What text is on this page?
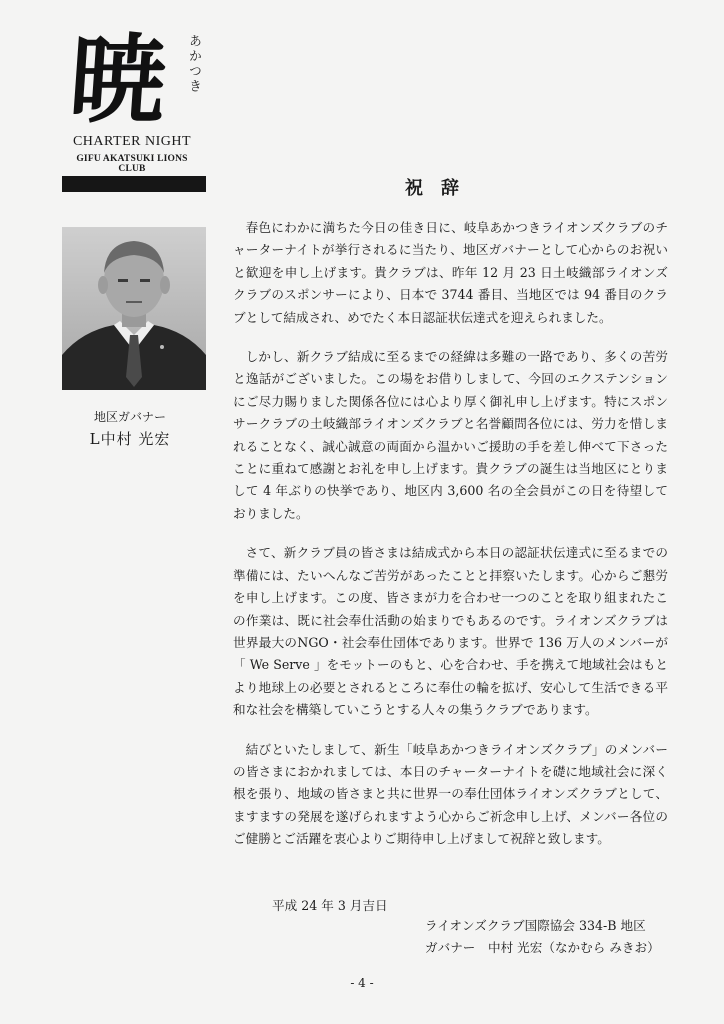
暁 あかつき
CHARTER NIGHT
GIFU AKATSUKI LIONS CLUB
地区ガバナー
L中村 光宏
祝辞

春色にわかに満ちた今日の佳き日に、岐阜あかつきライオンズクラブのチャーターナイトが挙行されるに当たり、地区ガバナーとして心からのお祝いと歓迎を申し上げます。貴クラブは、昨年 12 月 23 日土岐織部ライオンズクラブのスポンサーにより、日本で 3744 番目、当地区では 94 番目のクラブとして結成され、めでたく本日認証状伝達式を迎えられました。

しかし、新クラブ結成に至るまでの経緯は多難の一路であり、多くの苦労と逸話がございました。この場をお借りしまして、今回のエクステンションにご尽力賜りました関係各位には心より厚く御礼申し上げます。特にスポンサークラブの土岐織部ライオンズクラブと名誉顧問各位には、労力を惜しまれることなく、誠心誠意の両面から温かいご援助の手を差し伸べて下さったことに重ねて感謝とお礼を申し上げます。貴クラブの誕生は当地区にとりまして 4 年ぶりの快挙であり、地区内 3,600 名の全会員がこの日を待望しておりました。

さて、新クラブ員の皆さまは結成式から本日の認証状伝達式に至るまでの準備には、たいへんなご苦労があったことと拝察いたします。心からご懇労を申し上げます。この度、皆さまが力を合わせ一つのことを取り組まれたこの作業は、既に社会奉仕活動の始まりでもあるのです。ライオンズクラブは世界最大のNGO・社会奉仕団体であります。世界で 136 万人のメンバーが「 We Serve 」をモットーのもと、心を合わせ、手を携えて地域社会はもとより地球上の必要とされるところに奉仕の輪を拡げ、安心して生活できる平和な社会を構築していこうとする人々の集うクラブであります。

結びといたしまして、新生「岐阜あかつきライオンズクラブ」のメンバーの皆さまにおかれましては、本日のチャーターナイトを礎に地域社会に深く根を張り、地域の皆さまと共に世界一の奉仕団体ライオンズクラブとして、ますますの発展を遂げられますよう心からご祈念申し上げ、メンバー各位のご健勝とご活躍を衷心よりご期待申し上げまして祝辞と致します。

平成 24 年 3 月吉日
ライオンズクラブ国際協会 334-B 地区
ガバナー　中村 光宏（なかむら みきお）
- 4 -
